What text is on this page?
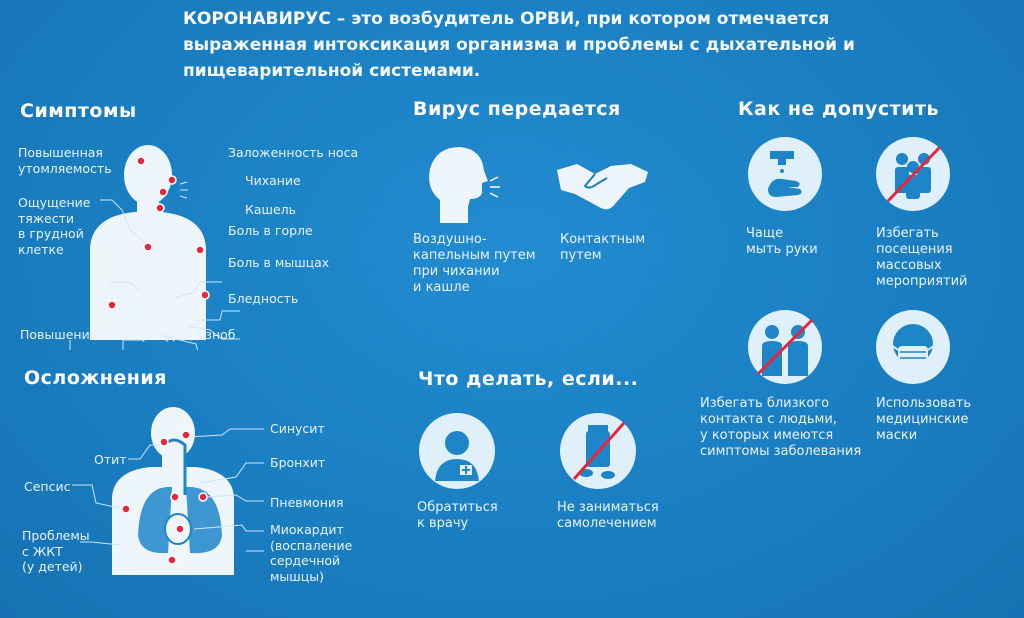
КОРОНАВИРУС – это возбудитель ОРВИ, при котором отмечается выраженная интоксикация организма и проблемы с дыхательной и пищеварительной системами.
Симптомы
Повышенная
утомляемость
Ощущение
тяжести
в грудной
клетке
Заложенность носа
Чихание
Кашель
Боль в горле
Боль в мышцах
Бледность
Повышение температуры, озноб
Осложнения
Отит
Сепсис
Проблемы
с ЖКТ
(у детей)
Синусит
Бронхит
Пневмония
Миокардит
(воспаление
сердечной
мышцы)
Вирус передается
Воздушно-
капельным путем
при чихании
и кашле
Контактным
путем
Что делать, если...
Обратиться
к врачу
Не заниматься
самолечением
Как не допустить
Чаще
мыть руки
Избегать
посещения
массовых
мероприятий
Избегать близкого
контакта с людьми,
у которых имеются
симптомы заболевания
Использовать
медицинские
маски
